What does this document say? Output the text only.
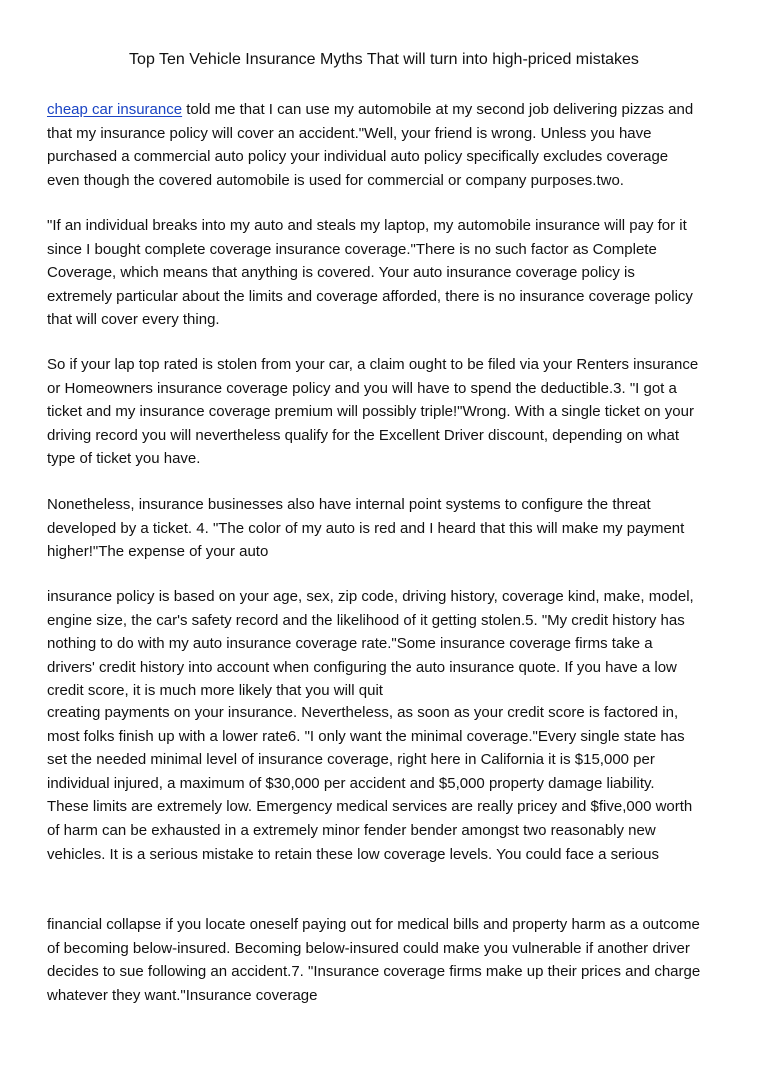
Top Ten Vehicle Insurance Myths That will turn into high-priced mistakes
cheap car insurance told me that I can use my automobile at my second job delivering pizzas and
that my insurance policy will cover an accident."Well, your friend is wrong. Unless you have
purchased a commercial auto policy your individual auto policy specifically excludes coverage
even though the covered automobile is used for commercial or company purposes.two.
"If an individual breaks into my auto and steals my laptop, my automobile insurance will pay for it
since I bought complete coverage insurance coverage."There is no such factor as Complete
Coverage, which means that anything is covered. Your auto insurance coverage policy is
extremely particular about the limits and coverage afforded, there is no insurance coverage policy
that will cover every thing.
So if your lap top rated is stolen from your car, a claim ought to be filed via your Renters insurance
or Homeowners insurance coverage policy and you will have to spend the deductible.3. "I got a
ticket and my insurance coverage premium will possibly triple!"Wrong. With a single ticket on your
driving record you will nevertheless qualify for the Excellent Driver discount, depending on what
type of ticket you have.
Nonetheless, insurance businesses also have internal point systems to configure the threat
developed by a ticket. 4. "The color of my auto is red and I heard that this will make my payment
higher!"The expense of your auto
insurance policy is based on your age, sex, zip code, driving history, coverage kind, make, model,
engine size, the car's safety record and the likelihood of it getting stolen.5. "My credit history has
nothing to do with my auto insurance coverage rate."Some insurance coverage firms take a
drivers' credit history into account when configuring the auto insurance quote. If you have a low
credit score, it is much more likely that you will quit
creating payments on your insurance. Nevertheless, as soon as your credit score is factored in,
most folks finish up with a lower rate6. "I only want the minimal coverage."Every single state has
set the needed minimal level of insurance coverage, right here in California it is $15,000 per
individual injured, a maximum of $30,000 per accident and $5,000 property damage liability.
These limits are extremely low. Emergency medical services are really pricey and $five,000 worth
of harm can be exhausted in a extremely minor fender bender amongst two reasonably new
vehicles. It is a serious mistake to retain these low coverage levels. You could face a serious
financial collapse if you locate oneself paying out for medical bills and property harm as a outcome
of becoming below-insured. Becoming below-insured could make you vulnerable if another driver
decides to sue following an accident.7. "Insurance coverage firms make up their prices and charge
whatever they want."Insurance coverage
